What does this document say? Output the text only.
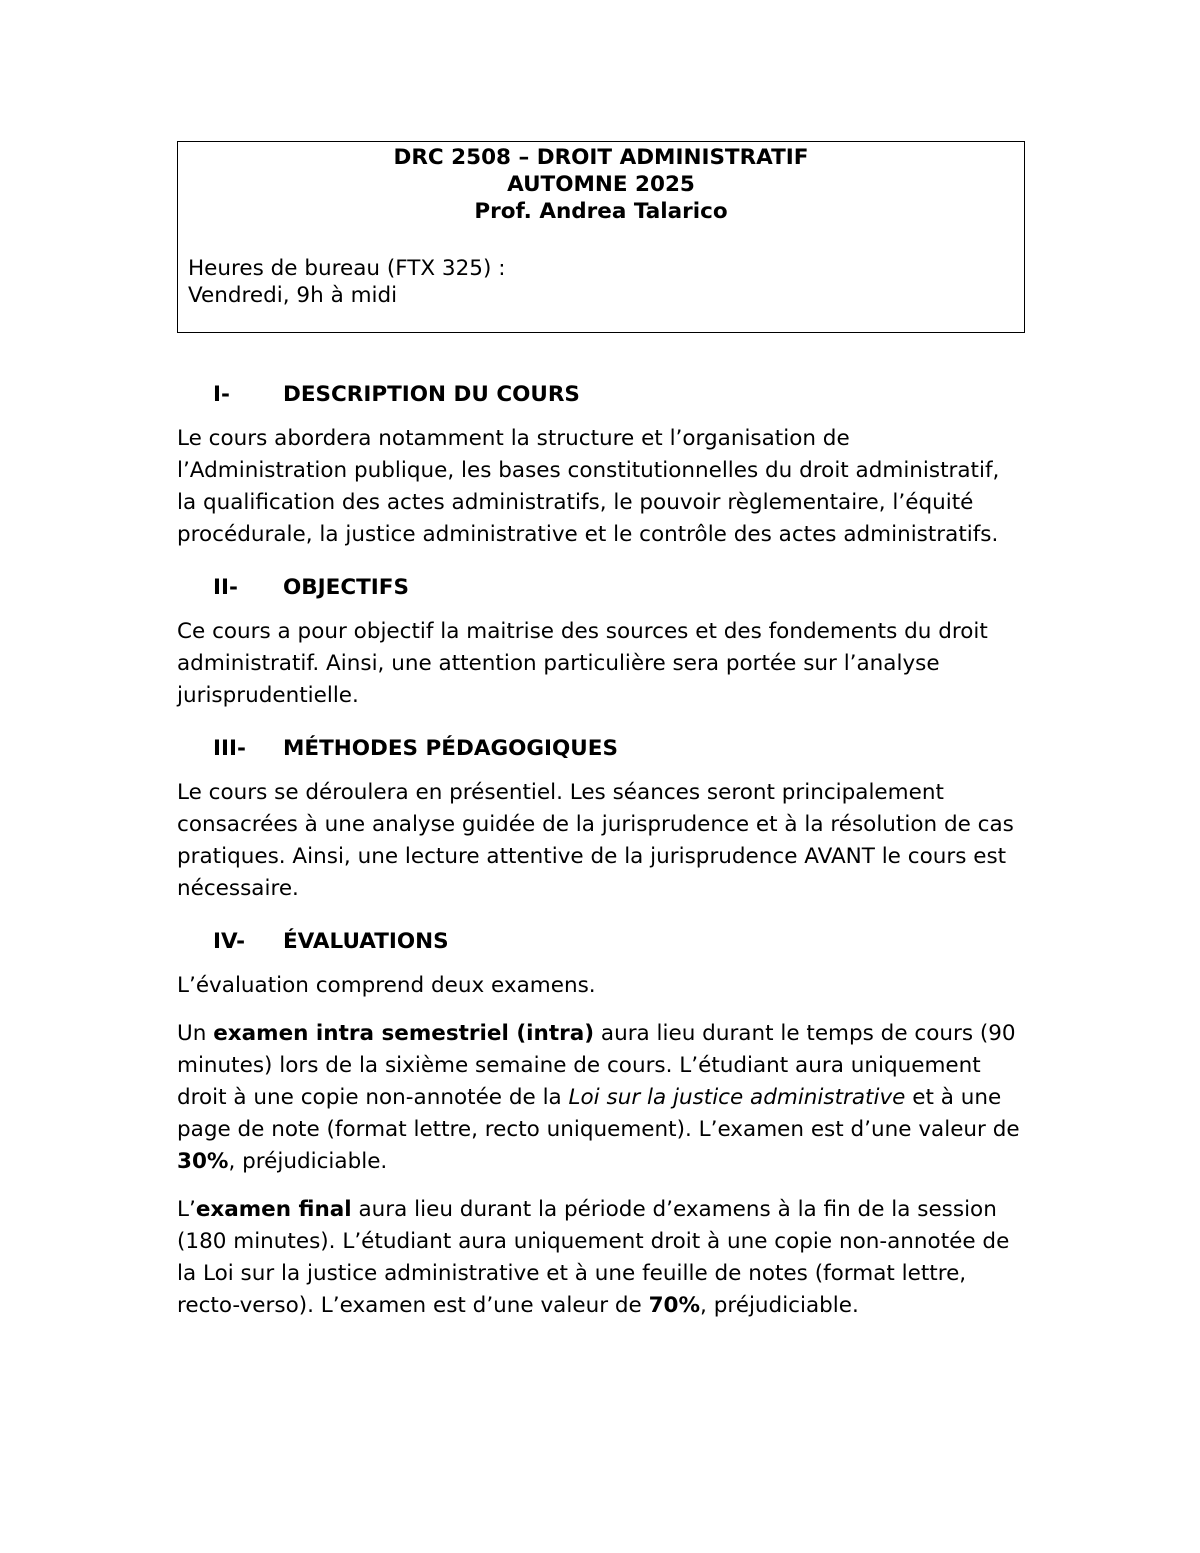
DRC 2508 – DROIT ADMINISTRATIF
AUTOMNE 2025
Prof. Andrea Talarico
Heures de bureau (FTX 325) :
Vendredi, 9h à midi
I-	DESCRIPTION DU COURS

Le cours abordera notamment la structure et l’organisation de l’Administration publique, les bases constitutionnelles du droit administratif, la qualification des actes administratifs, le pouvoir règlementaire, l’équité procédurale, la justice administrative et le contrôle des actes administratifs.

II-	OBJECTIFS

Ce cours a pour objectif la maitrise des sources et des fondements du droit administratif. Ainsi, une attention particulière sera portée sur l’analyse jurisprudentielle.

III-	MÉTHODES PÉDAGOGIQUES

Le cours se déroulera en présentiel. Les séances seront principalement consacrées à une analyse guidée de la jurisprudence et à la résolution de cas pratiques. Ainsi, une lecture attentive de la jurisprudence AVANT le cours est nécessaire.

IV-	ÉVALUATIONS

L’évaluation comprend deux examens.

Un examen intra semestriel (intra) aura lieu durant le temps de cours (90 minutes) lors de la sixième semaine de cours. L’étudiant aura uniquement droit à une copie non-annotée de la Loi sur la justice administrative et à une page de note (format lettre, recto uniquement). L’examen est d’une valeur de 30%, préjudiciable.

L’examen final aura lieu durant la période d’examens à la fin de la session (180 minutes). L’étudiant aura uniquement droit à une copie non-annotée de la Loi sur la justice administrative et à une feuille de notes (format lettre, recto-verso). L’examen est d’une valeur de 70%, préjudiciable.
